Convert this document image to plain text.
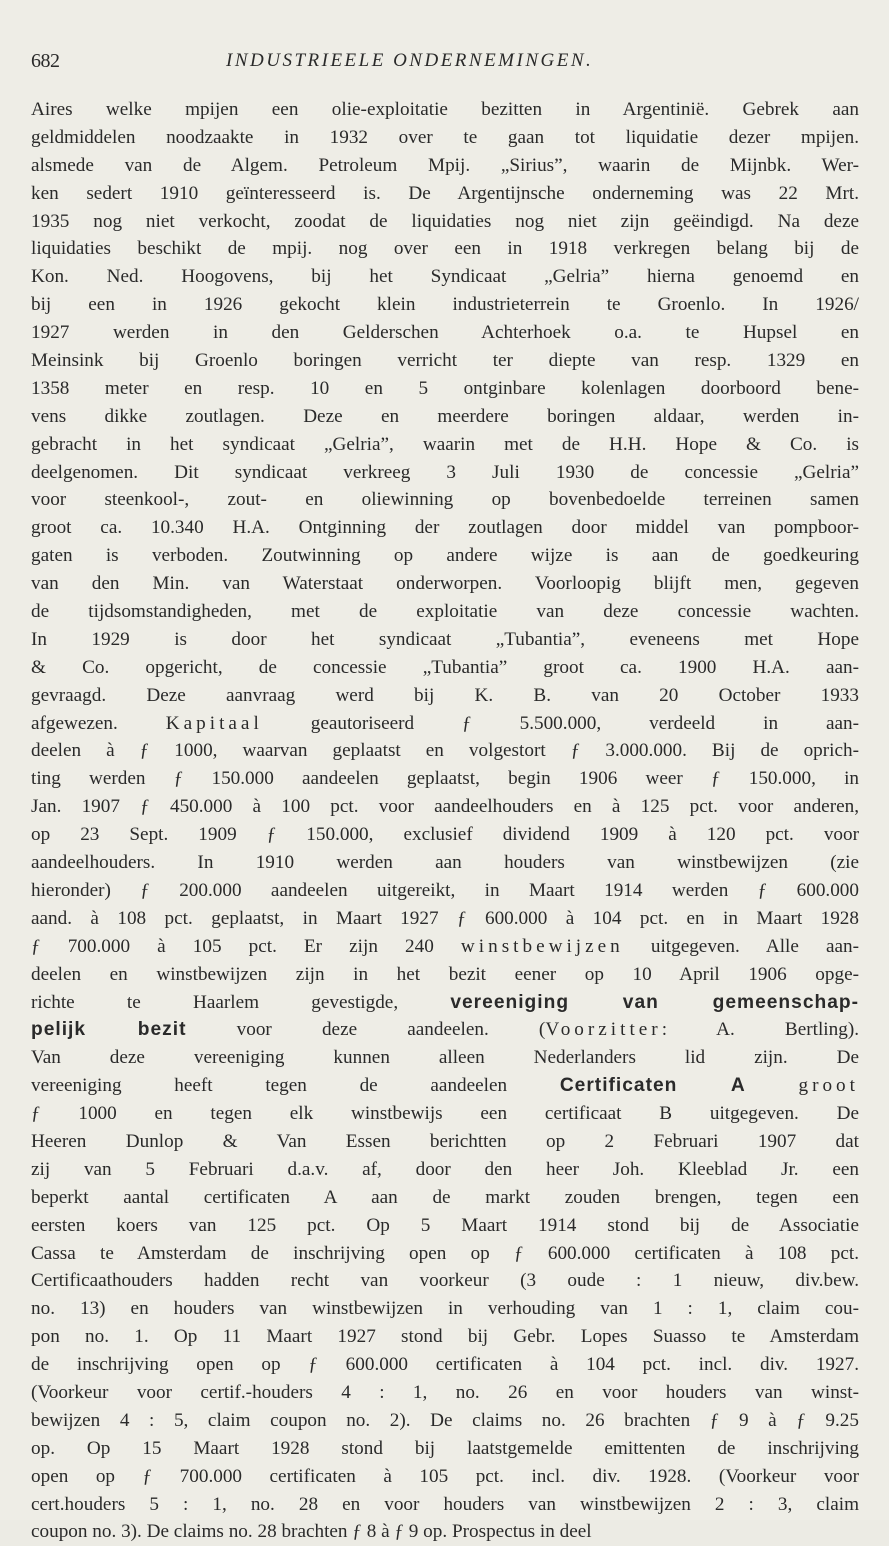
682	INDUSTRIEELE ONDERNEMINGEN.
Aires welke mpijen een olie-exploitatie bezitten in Argentinië. Gebrek aan
geldmiddelen noodzaakte in 1932 over te gaan tot liquidatie dezer mpijen.
alsmede van de Algem. Petroleum Mpij. „Sirius”, waarin de Mijnbk. Wer-
ken sedert 1910 geïnteresseerd is. De Argentijnsche onderneming was 22 Mrt.
1935 nog niet verkocht, zoodat de liquidaties nog niet zijn geëindigd. Na deze
liquidaties beschikt de mpij. nog over een in 1918 verkregen belang bij de
Kon. Ned. Hoogovens, bij het Syndicaat „Gelria” hierna genoemd en
bij een in 1926 gekocht klein industrieterrein te Groenlo. In 1926/
1927 werden in den Gelderschen Achterhoek o.a. te Hupsel en
Meinsink bij Groenlo boringen verricht ter diepte van resp. 1329 en
1358 meter en resp. 10 en 5 ontginbare kolenlagen doorboord bene-
vens dikke zoutlagen. Deze en meerdere boringen aldaar, werden in-
gebracht in het syndicaat „Gelria”, waarin met de H.H. Hope & Co. is
deelgenomen. Dit syndicaat verkreeg 3 Juli 1930 de concessie „Gelria”
voor steenkool-, zout- en oliewinning op bovenbedoelde terreinen samen
groot ca. 10.340 H.A. Ontginning der zoutlagen door middel van pompboor-
gaten is verboden. Zoutwinning op andere wijze is aan de goedkeuring
van den Min. van Waterstaat onderworpen. Voorloopig blijft men, gegeven
de tijdsomstandigheden, met de exploitatie van deze concessie wachten.
In 1929 is door het syndicaat „Tubantia”, eveneens met Hope
& Co. opgericht, de concessie „Tubantia” groot ca. 1900 H.A. aan-
gevraagd. Deze aanvraag werd bij K. B. van 20 October 1933
afgewezen. Kapitaal geautoriseerd ƒ 5.500.000, verdeeld in aan-
deelen à ƒ 1000, waarvan geplaatst en volgestort ƒ 3.000.000. Bij de oprich-
ting werden ƒ 150.000 aandeelen geplaatst, begin 1906 weer ƒ 150.000, in
Jan. 1907 ƒ 450.000 à 100 pct. voor aandeelhouders en à 125 pct. voor anderen,
op 23 Sept. 1909 ƒ 150.000, exclusief dividend 1909 à 120 pct. voor
aandeelhouders. In 1910 werden aan houders van winstbewijzen (zie
hieronder) ƒ 200.000 aandeelen uitgereikt, in Maart 1914 werden ƒ 600.000
aand. à 108 pct. geplaatst, in Maart 1927 ƒ 600.000 à 104 pct. en in Maart 1928
ƒ 700.000 à 105 pct. Er zijn 240 winstbewijzen uitgegeven. Alle aan-
deelen en winstbewijzen zijn in het bezit eener op 10 April 1906 opge-
richte te Haarlem gevestigde, vereeniging van gemeenschap-
pelijk bezit voor deze aandeelen. (Voorzitter: A. Bertling).
Van deze vereeniging kunnen alleen Nederlanders lid zijn. De
vereeniging heeft tegen de aandeelen Certificaten A	groot
ƒ 1000 en tegen elk winstbewijs een certificaat B uitgegeven. De
Heeren Dunlop & Van Essen berichtten op 2 Februari 1907 dat
zij van 5 Februari d.a.v. af, door den heer Joh. Kleeblad Jr. een
beperkt aantal certificaten A aan de markt zouden brengen, tegen een
eersten koers van 125 pct. Op 5 Maart 1914 stond bij de Associatie
Cassa te Amsterdam de inschrijving open op ƒ 600.000 certificaten à 108 pct.
Certificaathouders hadden recht van voorkeur (3 oude : 1 nieuw, div.bew.
no. 13) en houders van winstbewijzen in verhouding van 1 : 1, claim cou-
pon no. 1. Op 11 Maart 1927 stond bij Gebr. Lopes Suasso te Amsterdam
de inschrijving open op ƒ 600.000 certificaten à 104 pct. incl. div. 1927.
(Voorkeur voor certif.-houders 4 : 1, no. 26 en voor houders van winst-
bewijzen 4 : 5, claim coupon no. 2). De claims no. 26 brachten ƒ 9 à ƒ 9.25
op. Op 15 Maart 1928 stond bij laatstgemelde emittenten de inschrijving
open op ƒ 700.000 certificaten à 105 pct. incl. div. 1928. (Voorkeur voor
cert.houders 5 : 1, no. 28 en voor houders van winstbewijzen 2 : 3, claim
coupon no. 3). De claims no. 28 brachten ƒ 8 à ƒ 9 op. Prospectus in deel
